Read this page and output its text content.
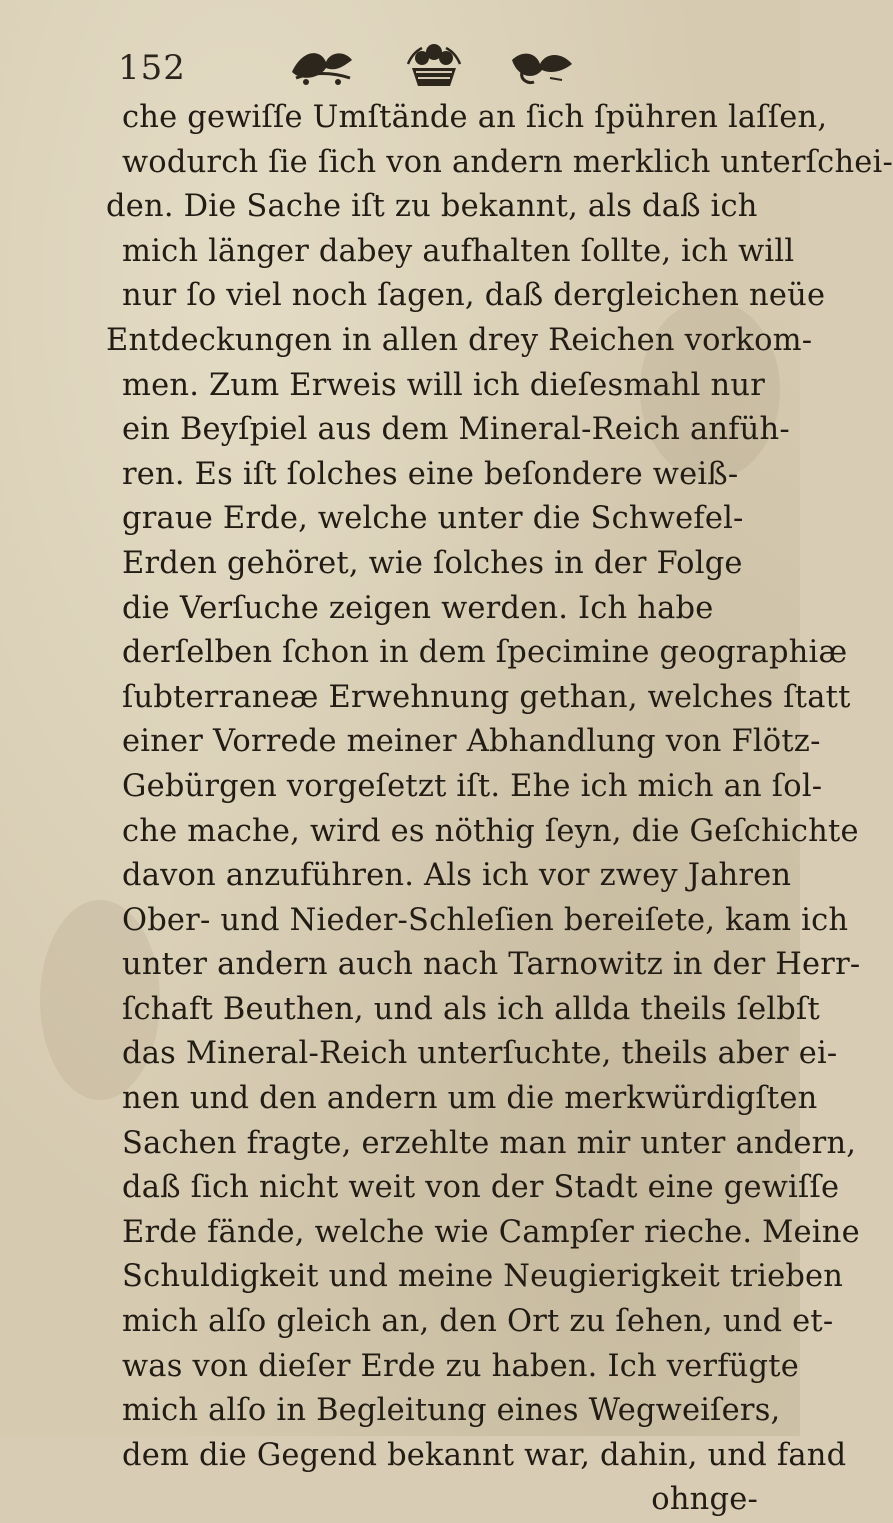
152
che gewiſſe Umſtände an ſich ſpühren laſſen,
wodurch ſie ſich von andern merklich unterſchei-
den. Die Sache iſt zu bekannt, als daß ich
mich länger dabey aufhalten ſollte, ich will
nur ſo viel noch ſagen, daß dergleichen neüe
Entdeckungen in allen drey Reichen vorkom-
men. Zum Erweis will ich dieſesmahl nur
ein Beyſpiel aus dem Mineral-Reich anfüh-
ren. Es iſt ſolches eine beſondere weiß-
graue Erde, welche unter die Schwefel-
Erden gehöret, wie ſolches in der Folge
die Verſuche zeigen werden. Ich habe
derſelben ſchon in dem ſpecimine geographiæ
ſubterraneæ Erwehnung gethan, welches ſtatt
einer Vorrede meiner Abhandlung von Flötz-
Gebürgen vorgeſetzt iſt. Ehe ich mich an ſol-
che mache, wird es nöthig ſeyn, die Geſchichte
davon anzuführen. Als ich vor zwey Jahren
Ober- und Nieder-Schleſien bereiſete, kam ich
unter andern auch nach Tarnowitz in der Herr-
ſchaft Beuthen, und als ich allda theils ſelbſt
das Mineral-Reich unterſuchte, theils aber ei-
nen und den andern um die merkwürdigſten
Sachen fragte, erzehlte man mir unter andern,
daß ſich nicht weit von der Stadt eine gewiſſe
Erde fände, welche wie Campſer rieche. Meine
Schuldigkeit und meine Neugierigkeit trieben
mich alſo gleich an, den Ort zu ſehen, und et-
was von dieſer Erde zu haben. Ich verfügte
mich alſo in Begleitung eines Wegweiſers,
dem die Gegend bekannt war, dahin, und fand
ohnge-
